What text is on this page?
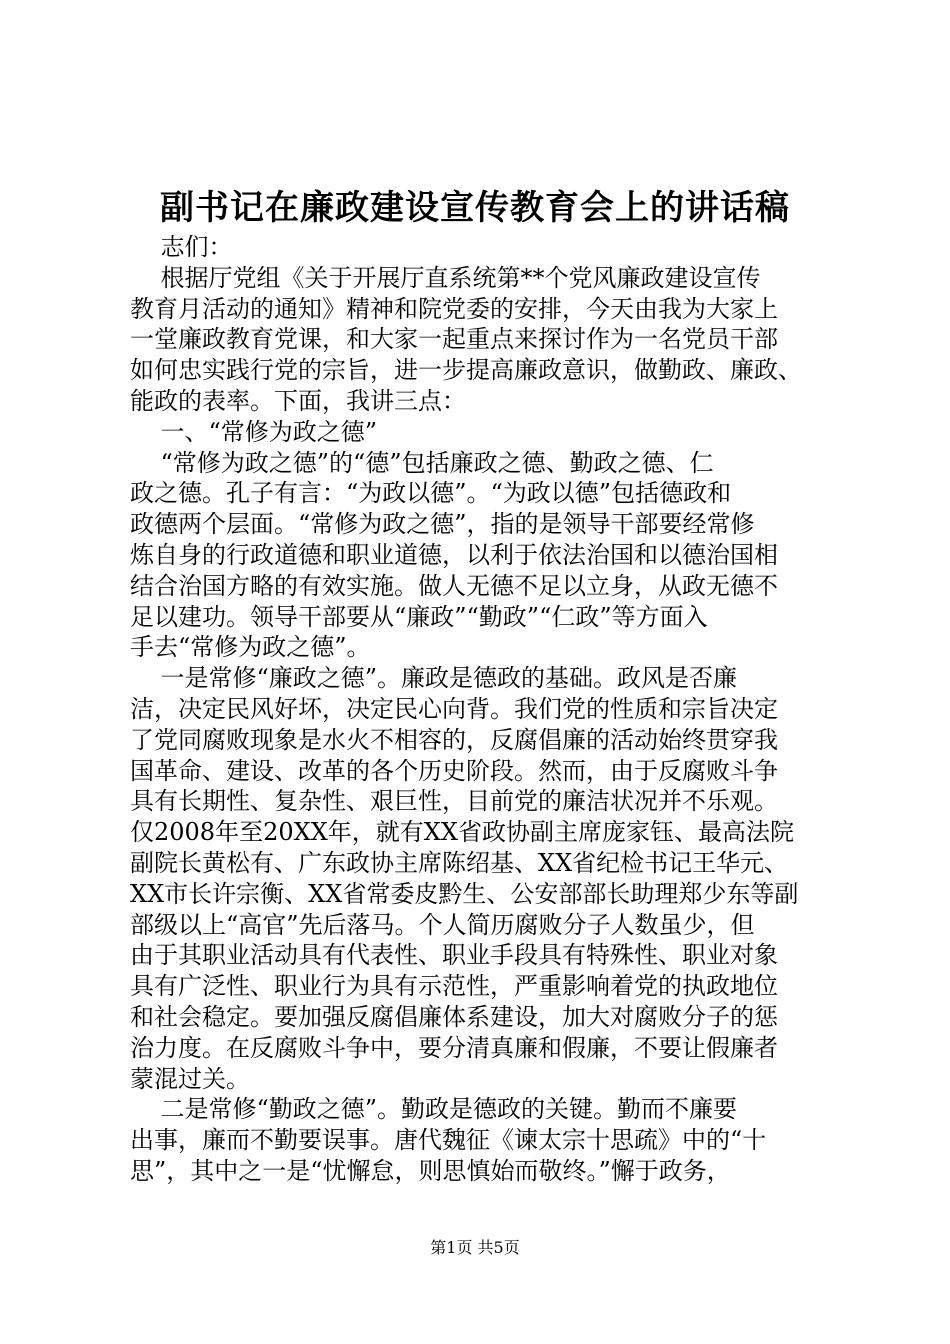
副书记在廉政建设宣传教育会上的讲话稿
志们：
根据厅党组《关于开展厅直系统第**个党风廉政建设宣传
教育月活动的通知》精神和院党委的安排，今天由我为大家上
一堂廉政教育党课，和大家一起重点来探讨作为一名党员干部
如何忠实践行党的宗旨，进一步提高廉政意识，做勤政、廉政、
能政的表率。下面，我讲三点：
一、“常修为政之德”
“常修为政之德”的“德”包括廉政之德、勤政之德、仁
政之德。孔子有言：“为政以德”。“为政以德”包括德政和
政德两个层面。“常修为政之德”，指的是领导干部要经常修
炼自身的行政道德和职业道德，以利于依法治国和以德治国相
结合治国方略的有效实施。做人无德不足以立身，从政无德不
足以建功。领导干部要从“廉政”“勤政”“仁政”等方面入
手去“常修为政之德”。
一是常修“廉政之德”。廉政是德政的基础。政风是否廉
洁，决定民风好坏，决定民心向背。我们党的性质和宗旨决定
了党同腐败现象是水火不相容的，反腐倡廉的活动始终贯穿我
国革命、建设、改革的各个历史阶段。然而，由于反腐败斗争
具有长期性、复杂性、艰巨性，目前党的廉洁状况并不乐观。
仅2008年至20XX年，就有XX省政协副主席庞家钰、最高法院
副院长黄松有、广东政协主席陈绍基、XX省纪检书记王华元、
XX市长许宗衡、XX省常委皮黔生、公安部部长助理郑少东等副
部级以上“高官”先后落马。个人简历腐败分子人数虽少，但
由于其职业活动具有代表性、职业手段具有特殊性、职业对象
具有广泛性、职业行为具有示范性，严重影响着党的执政地位
和社会稳定。要加强反腐倡廉体系建设，加大对腐败分子的惩
治力度。在反腐败斗争中，要分清真廉和假廉，不要让假廉者
蒙混过关。
二是常修“勤政之德”。勤政是德政的关键。勤而不廉要
出事，廉而不勤要误事。唐代魏征《谏太宗十思疏》中的“十
思”，其中之一是“忧懈怠，则思慎始而敬终。”懈于政务，
第1页 共5页
